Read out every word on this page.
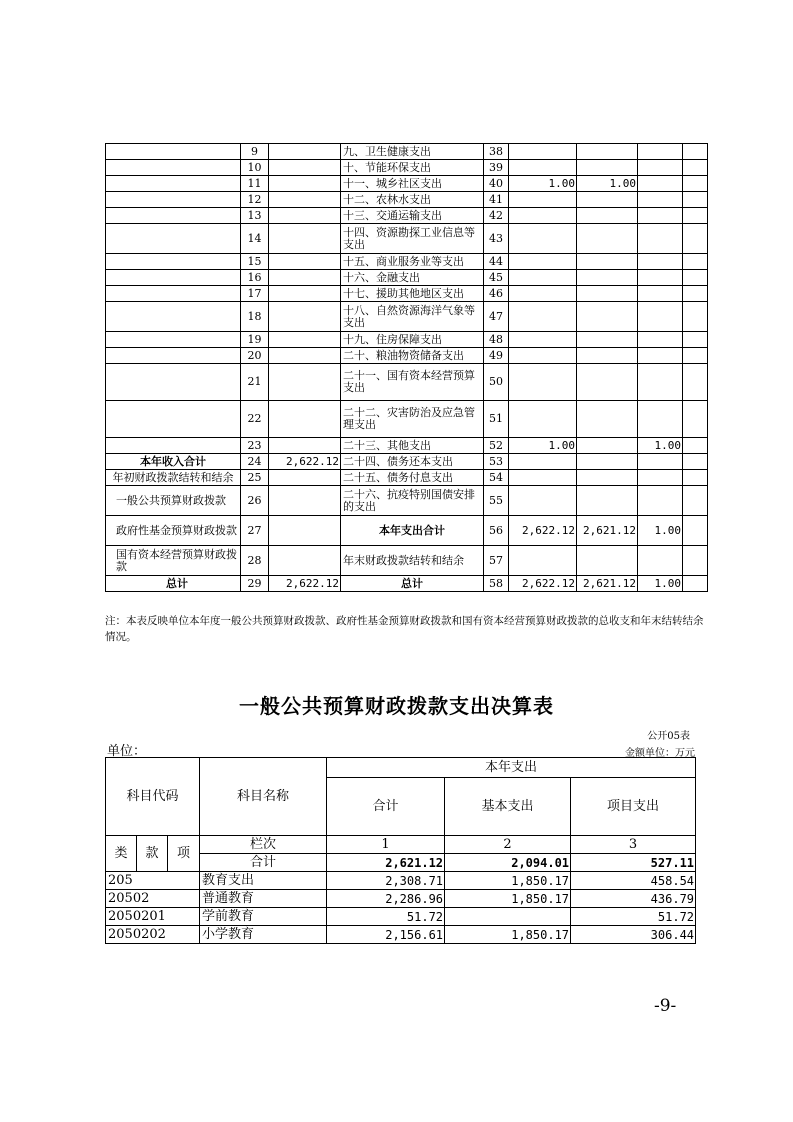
	9		九、卫生健康支出	38				
	10		十、节能环保支出	39				
	11		十一、城乡社区支出	40	1.00	1.00		
	12		十二、农林水支出	41				
	13		十三、交通运输支出	42				
	14		十四、资源勘探工业信息等支出	43				
	15		十五、商业服务业等支出	44				
	16		十六、金融支出	45				
	17		十七、援助其他地区支出	46				
	18		十八、自然资源海洋气象等支出	47				
	19		十九、住房保障支出	48				
	20		二十、粮油物资储备支出	49				
	21		二十一、国有资本经营预算支出	50				
	22		二十二、灾害防治及应急管理支出	51				
	23		二十三、其他支出	52	1.00		1.00	
本年收入合计	24	2,622.12	二十四、债务还本支出	53				
年初财政拨款结转和结余	25		二十五、债务付息支出	54				
一般公共预算财政拨款	26		二十六、抗疫特别国债安排的支出	55				
政府性基金预算财政拨款	27		本年支出合计	56	2,622.12	2,621.12	1.00	
国有资本经营预算财政拨款	28		年末财政拨款结转和结余	57				
总计	29	2,622.12	总计	58	2,622.12	2,621.12	1.00	
注：本表反映单位本年度一般公共预算财政拨款、政府性基金预算财政拨款和国有资本经营预算财政拨款的总收支和年末结转结余情况。
一般公共预算财政拨款支出决算表
公开05表
单位：	金额单位：万元
科目代码			科目名称	本年支出		
				合计	基本支出	项目支出

类	款	项	栏次	1	2	3
			合计	2,621.12	2,094.01	527.11
205			教育支出	2,308.71	1,850.17	458.54
20502			普通教育	2,286.96	1,850.17	436.79
2050201			学前教育	51.72		51.72
2050202			小学教育	2,156.61	1,850.17	306.44
-9-
